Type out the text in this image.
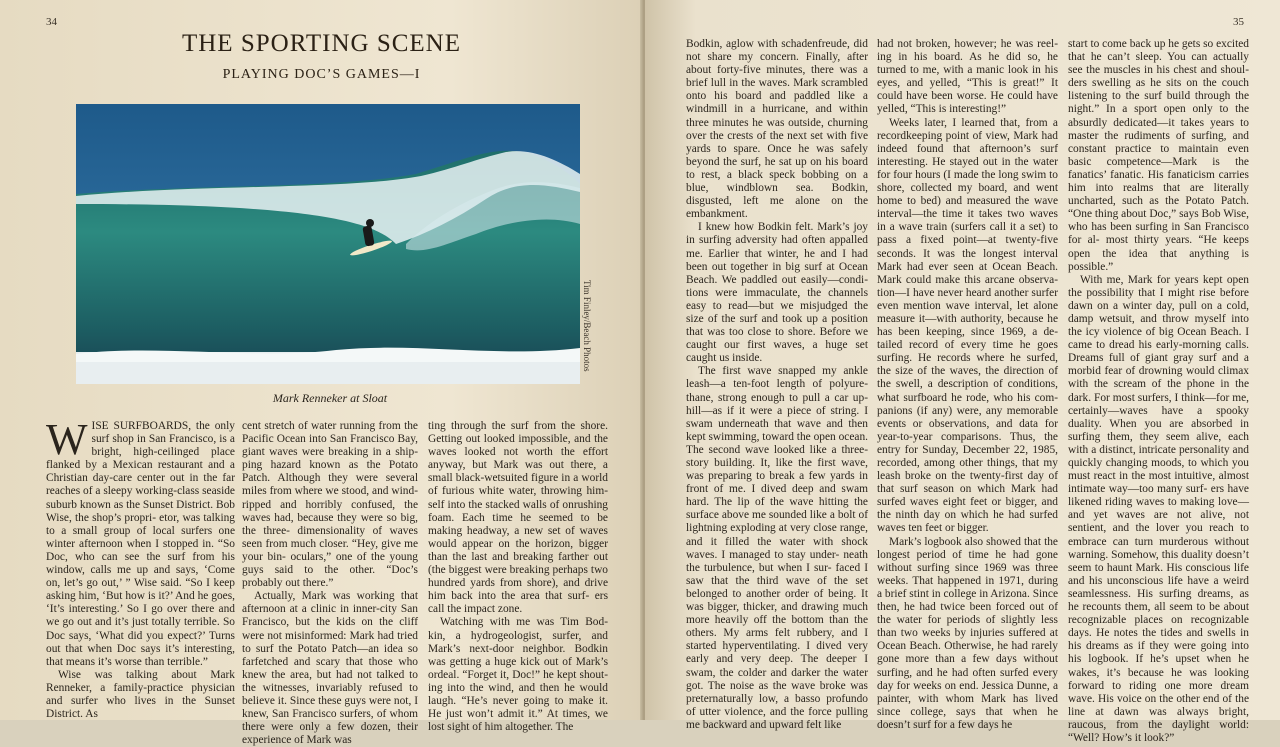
34
THE SPORTING SCENE
PLAYING DOC’S GAMES—I
Tim Finley/Beach Photos
Mark Renneker at Sloat

WISE SURFBOARDS, the only surf shop in San Francisco, is a bright, high-ceilinged place flanked by a Mexican restaurant and a Christian day-care center out in the far reaches of a sleepy working-class seaside suburb known as the Sunset District. Bob Wise, the shop’s propri- etor, was talking to a small group of local surfers one winter afternoon when I stopped in. “So Doc, who can see the surf from his window, calls me up and says, ‘Come on, let’s go out,’ ” Wise said. “So I keep asking him, ‘But how is it?’ And he goes, ‘It’s interesting.’ So I go over there and we go out and it’s just totally terrible. So Doc says, ‘What did you expect?’ Turns out that when Doc says it’s interesting, that means it’s worse than terrible.”

Wise was talking about Mark Renneker, a family-practice physician and surfer who lives in the Sunset District. As

cent stretch of water running from the Pacific Ocean into San Francisco Bay, giant waves were breaking in a ship- ping hazard known as the Potato Patch. Although they were several miles from where we stood, and wind-ripped and horribly confused, the waves had, because they were so big, the three- dimensionality of waves seen from much closer. “Hey, give me your bin- oculars,” one of the young guys said to the other. “Doc’s probably out there.”

Actually, Mark was working that afternoon at a clinic in inner-city San Francisco, but the kids on the cliff were not misinformed: Mark had tried to surf the Potato Patch—an idea so farfetched and scary that those who knew the area, but had not talked to the witnesses, invariably refused to believe it. Since these guys were not, I knew, San Francisco surfers, of whom there were only a few dozen, their experience of Mark was

ting through the surf from the shore. Getting out looked impossible, and the waves looked not worth the effort anyway, but Mark was out there, a small black-wetsuited figure in a world of furious white water, throwing him- self into the stacked walls of onrushing foam. Each time he seemed to be making headway, a new set of waves would appear on the horizon, bigger than the last and breaking farther out (the biggest were breaking perhaps two hundred yards from shore), and drive him back into the area that surf- ers call the impact zone.

Watching with me was Tim Bod- kin, a hydrogeologist, surfer, and Mark’s next-door neighbor. Bodkin was getting a huge kick out of Mark’s ordeal. “Forget it, Doc!” he kept shout- ing into the wind, and then he would laugh. “He’s never going to make it. He just won’t admit it.” At times, we lost sight of him altogether. The

35

Bodkin, aglow with schadenfreude, did not share my concern. Finally, after about forty-five minutes, there was a brief lull in the waves. Mark scrambled onto his board and paddled like a windmill in a hurricane, and within three minutes he was outside, churning over the crests of the next set with five yards to spare. Once he was safely beyond the surf, he sat up on his board to rest, a black speck bobbing on a blue, windblown sea. Bodkin, disgusted, left me alone on the embankment.

I knew how Bodkin felt. Mark’s joy in surfing adversity had often appalled me. Earlier that winter, he and I had been out together in big surf at Ocean Beach. We paddled out easily—condi- tions were immaculate, the channels easy to read—but we misjudged the size of the surf and took up a position that was too close to shore. Before we caught our first waves, a huge set caught us inside.

The first wave snapped my ankle leash—a ten-foot length of polyure- thane, strong enough to pull a car up- hill—as if it were a piece of string. I swam underneath that wave and then kept swimming, toward the open ocean. The second wave looked like a three- story building. It, like the first wave, was preparing to break a few yards in front of me. I dived deep and swam hard. The lip of the wave hitting the surface above me sounded like a bolt of lightning exploding at very close range, and it filled the water with shock waves. I managed to stay under- neath the turbulence, but when I sur- faced I saw that the third wave of the set belonged to another order of being. It was bigger, thicker, and drawing much more heavily off the bottom than the others. My arms felt rubbery, and I started hyperventilating. I dived very early and very deep. The deeper I swam, the colder and darker the water got. The noise as the wave broke was preternaturally low, a basso profundo of utter violence, and the force pulling me backward and upward felt like

had not broken, however; he was reel- ing in his board. As he did so, he turned to me, with a manic look in his eyes, and yelled, “This is great!” It could have been worse. He could have yelled, “This is interesting!”

Weeks later, I learned that, from a recordkeeping point of view, Mark had indeed found that afternoon’s surf interesting. He stayed out in the water for four hours (I made the long swim to shore, collected my board, and went home to bed) and measured the wave interval—the time it takes two waves in a wave train (surfers call it a set) to pass a fixed point—at twenty-five seconds. It was the longest interval Mark had ever seen at Ocean Beach. Mark could make this arcane observa- tion—I have never heard another surfer even mention wave interval, let alone measure it—with authority, because he has been keeping, since 1969, a de- tailed record of every time he goes surfing. He records where he surfed, the size of the waves, the direction of the swell, a description of conditions, what surfboard he rode, who his com- panions (if any) were, any memorable events or observations, and data for year-to-year comparisons. Thus, the entry for Sunday, December 22, 1985, recorded, among other things, that my leash broke on the twenty-first day of that surf season on which Mark had surfed waves eight feet or bigger, and the ninth day on which he had surfed waves ten feet or bigger.

Mark’s logbook also showed that the longest period of time he had gone without surfing since 1969 was three weeks. That happened in 1971, during a brief stint in college in Arizona. Since then, he had twice been forced out of the water for periods of slightly less than two weeks by injuries suffered at Ocean Beach. Otherwise, he had rarely gone more than a few days without surfing, and he had often surfed every day for weeks on end. Jessica Dunne, a painter, with whom Mark has lived since college, says that when he doesn’t surf for a few days he

start to come back up he gets so excited that he can’t sleep. You can actually see the muscles in his chest and shoul- ders swelling as he sits on the couch listening to the surf build through the night.” In a sport open only to the absurdly dedicated—it takes years to master the rudiments of surfing, and constant practice to maintain even basic competence—Mark is the fanatics’ fanatic. His fanaticism carries him into realms that are literally uncharted, such as the Potato Patch. “One thing about Doc,” says Bob Wise, who has been surfing in San Francisco for al- most thirty years. “He keeps open the idea that anything is possible.”

With me, Mark for years kept open the possibility that I might rise before dawn on a winter day, pull on a cold, damp wetsuit, and throw myself into the icy violence of big Ocean Beach. I came to dread his early-morning calls. Dreams full of giant gray surf and a morbid fear of drowning would climax with the scream of the phone in the dark. For most surfers, I think—for me, certainly—waves have a spooky duality. When you are absorbed in surfing them, they seem alive, each with a distinct, intricate personality and quickly changing moods, to which you must react in the most intuitive, almost intimate way—too many surf- ers have likened riding waves to making love—and yet waves are not alive, not sentient, and the lover you reach to embrace can turn murderous without warning. Somehow, this duality doesn’t seem to haunt Mark. His conscious life and his unconscious life have a weird seamlessness. His surfing dreams, as he recounts them, all seem to be about recognizable places on recognizable days. He notes the tides and swells in his dreams as if they were going into his logbook. If he’s upset when he wakes, it’s because he was looking forward to riding one more dream wave. His voice on the other end of the line at dawn was always bright, raucous, from the daylight world: “Well? How’s it look?”
